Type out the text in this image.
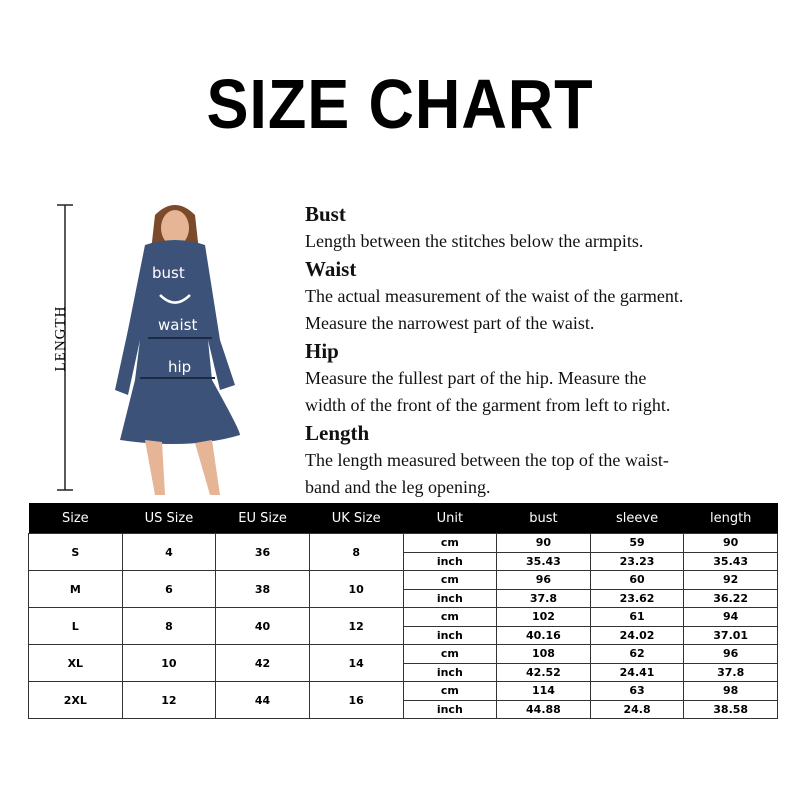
SIZE CHART
LENGTH
bust
waist
hip
Bust

Length between the stitches below the armpits.

Waist

The actual measurement of the waist of the garment.

Measure the narrowest part of the waist.

Hip

Measure the fullest part of the hip. Measure the

width of the front of the garment from left to right.

Length

The length measured between the top of the waist-

band and the leg opening.

Size	US Size	EU Size	UK Size	Unit	bust	sleeve	length
S	4	36	8	cm	90	59	90
				inch	35.43	23.23	35.43
M	6	38	10	cm	96	60	92
				inch	37.8	23.62	36.22
L	8	40	12	cm	102	61	94
				inch	40.16	24.02	37.01
XL	10	42	14	cm	108	62	96
				inch	42.52	24.41	37.8
2XL	12	44	16	cm	114	63	98
				inch	44.88	24.8	38.58
